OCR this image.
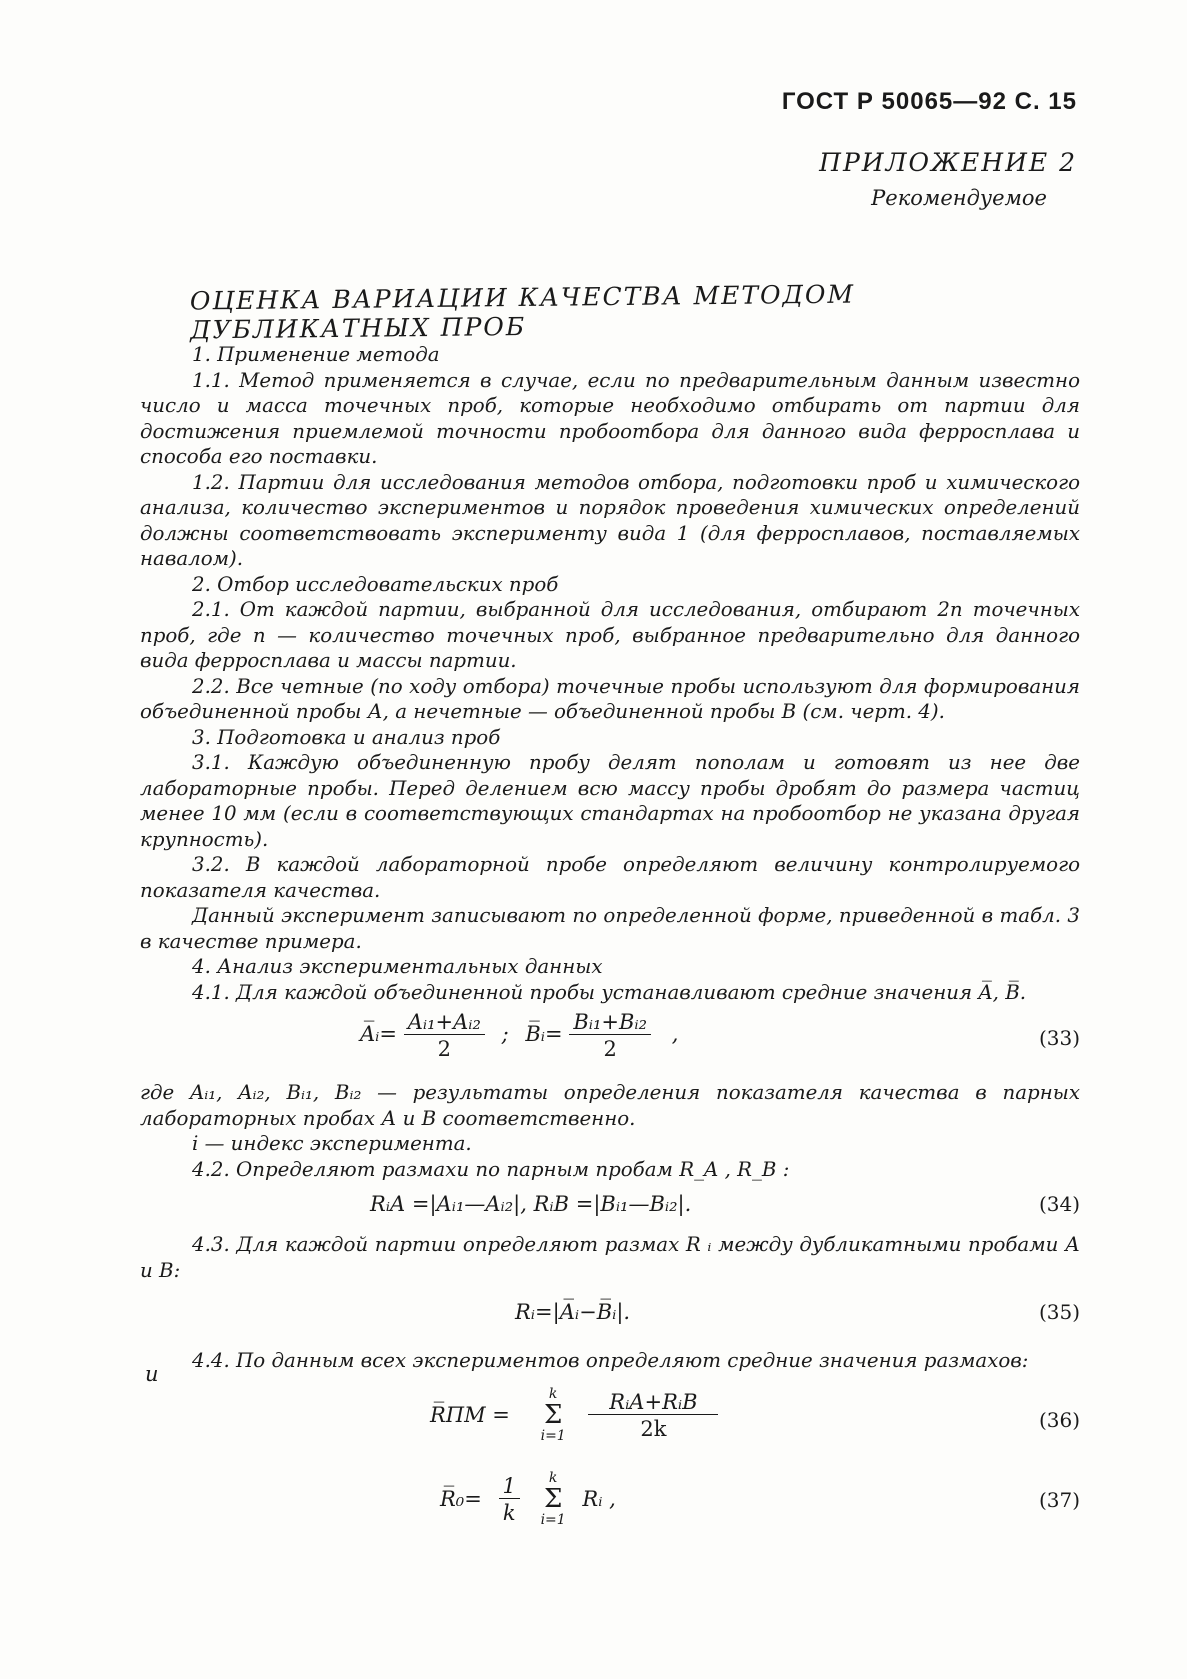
ГОСТ Р 50065—92 С. 15
ПРИЛОЖЕНИЕ 2
Рекомендуемое
ОЦЕНКА ВАРИАЦИИ КАЧЕСТВА МЕТОДОМ ДУБЛИКАТНЫХ ПРОБ

1. Применение метода

1.1. Метод применяется в случае, если по предварительным данным известно число и масса точечных проб, которые необходимо отбирать от партии для достижения приемлемой точности пробоотбора для данного вида ферросплава и способа его поставки.

1.2. Партии для исследования методов отбора, подготовки проб и химического анализа, количество экспериментов и порядок проведения химических определений должны соответствовать эксперименту вида 1 (для ферросплавов, поставляемых навалом).

2. Отбор исследовательских проб

2.1. От каждой партии, выбранной для исследования, отбирают 2n точечных проб, где n — количество точечных проб, выбранное предварительно для данного вида ферросплава и массы партии.

2.2. Все четные (по ходу отбора) точечные пробы используют для формирования объединенной пробы А, а нечетные — объединенной пробы В (см. черт. 4).

3. Подготовка и анализ проб

3.1. Каждую объединенную пробу делят пополам и готовят из нее две лабораторные пробы. Перед делением всю массу пробы дробят до размера частиц менее 10 мм (если в соответствующих стандартах на пробоотбор не указана другая крупность).

3.2. В каждой лабораторной пробе определяют величину контролируемого показателя качества.

Данный эксперимент записывают по определенной форме, приведенной в табл. 3 в качестве примера.

4. Анализ экспериментальных данных

4.1. Для каждой объединенной пробы устанавливают средние значения A̅, B̅.

A̅ᵢ= $\frac{\text{Aᵢ₁+Aᵢ₂}}{2}$ ; B̅ᵢ= $\frac{\text{Bᵢ₁+Bᵢ₂}}{2}$ ,	(33)

где Aᵢ₁, Aᵢ₂, Bᵢ₁, Bᵢ₂ — результаты определения показателя качества в парных лабораторных пробах А и В соответственно.

i — индекс эксперимента.

4.2. Определяют размахи по парным пробам R_A , R_B :

RᵢA =|Aᵢ₁—Aᵢ₂|, RᵢB =|Bᵢ₁—Bᵢ₂|.	(34)

4.3. Для каждой партии определяют размах R ᵢ между дубликатными пробами А и В:

Rᵢ=|A̅ᵢ−B̅ᵢ|.	(35)

4.4. По данным всех экспериментов определяют средние значения размахов:

R̅ПМ =
k
Σ
i=1
$\frac{\text{RᵢA+RᵢB}}{2k}$	(36)
и
R̅₀= $\frac{1}{k}$
	k
Σ
i=1
Rᵢ ,	(37)
